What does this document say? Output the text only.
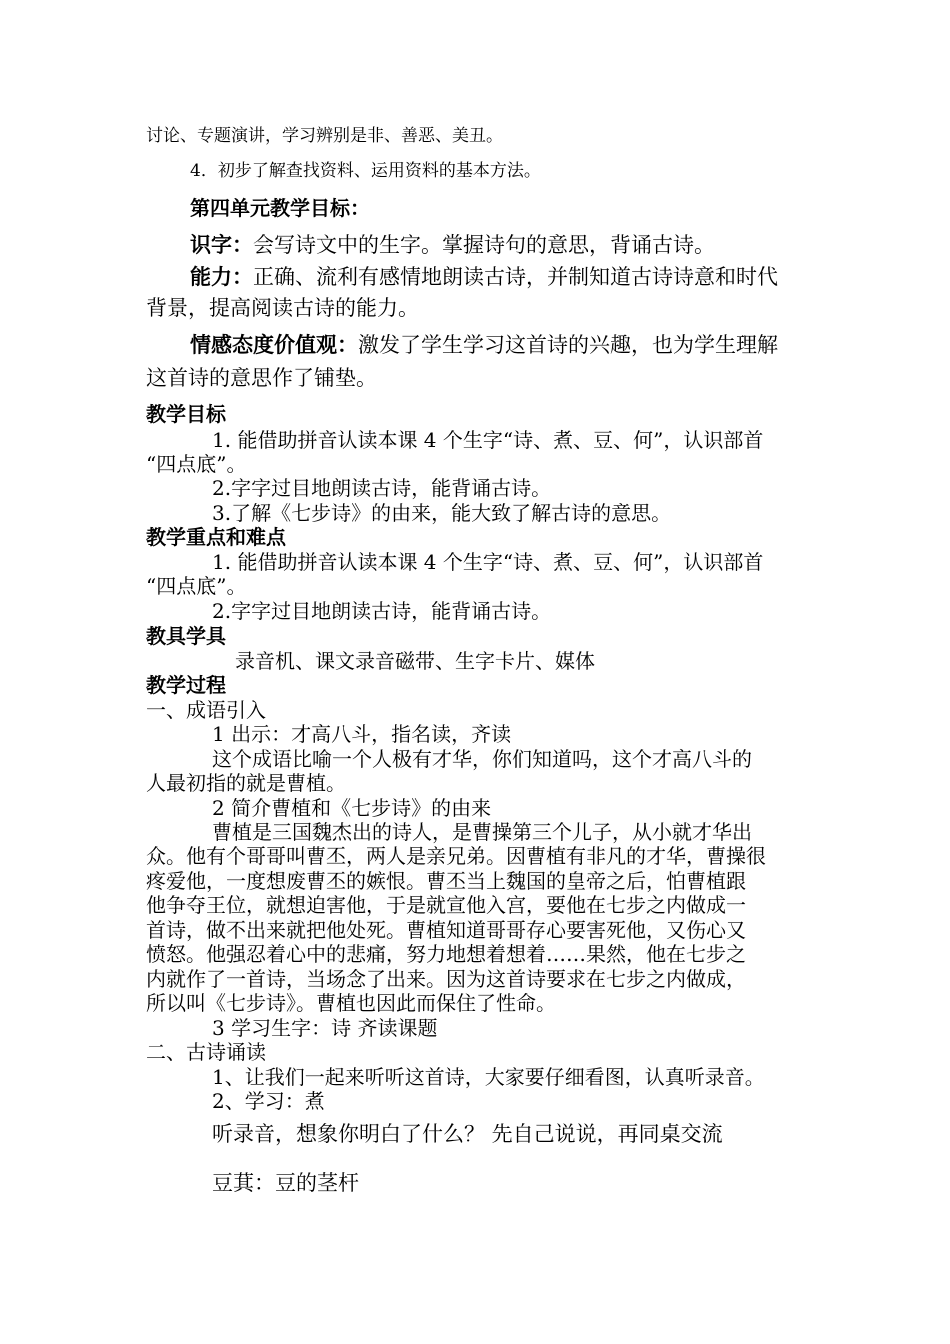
讨论、专题演讲，学习辨别是非、善恶、美丑。
4．初步了解查找资料、运用资料的基本方法。
第四单元教学目标：
识字：会写诗文中的生字。掌握诗句的意思，背诵古诗。
能力：正确、流利有感情地朗读古诗，并制知道古诗诗意和时代
背景，提高阅读古诗的能力。
情感态度价值观：激发了学生学习这首诗的兴趣，也为学生理解
这首诗的意思作了铺垫。
教学目标
1. 能借助拼音认读本课 4 个生字“诗、煮、豆、何”，认识部首
“四点底”。
2.字字过目地朗读古诗，能背诵古诗。
3.了解《七步诗》的由来，能大致了解古诗的意思。
教学重点和难点
1. 能借助拼音认读本课 4 个生字“诗、煮、豆、何”，认识部首
“四点底”。
2.字字过目地朗读古诗，能背诵古诗。
教具学具
录音机、课文录音磁带、生字卡片、媒体
教学过程
一、成语引入
1 出示：才高八斗，指名读，齐读
这个成语比喻一个人极有才华，你们知道吗，这个才高八斗的
人最初指的就是曹植。
2 简介曹植和《七步诗》的由来
曹植是三国魏杰出的诗人，是曹操第三个儿子，从小就才华出
众。他有个哥哥叫曹丕，两人是亲兄弟。因曹植有非凡的才华，曹操很
疼爱他，一度想废曹丕的嫉恨。曹丕当上魏国的皇帝之后，怕曹植跟
他争夺王位，就想迫害他，于是就宣他入宫，要他在七步之内做成一
首诗，做不出来就把他处死。曹植知道哥哥存心要害死他，又伤心又
愤怒。他强忍着心中的悲痛，努力地想着想着……果然，他在七步之
内就作了一首诗，当场念了出来。因为这首诗要求在七步之内做成，
所以叫《七步诗》。曹植也因此而保住了性命。
3 学习生字：诗 齐读课题
二、古诗诵读
1、让我们一起来听听这首诗，大家要仔细看图，认真听录音。
2、学习：煮
听录音，想象你明白了什么？ 先自己说说，再同桌交流
豆萁：豆的茎杆
